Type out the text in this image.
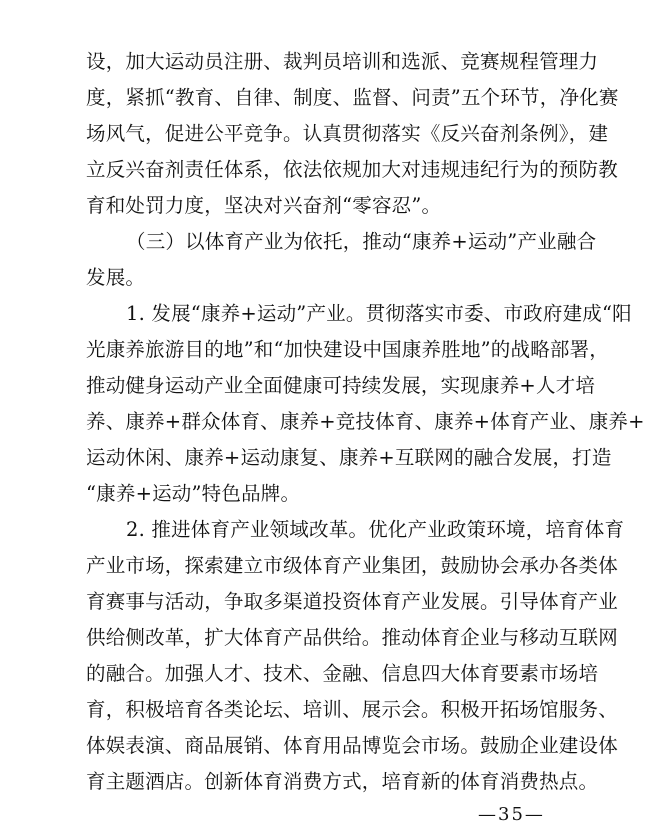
设，加大运动员注册、裁判员培训和选派、竞赛规程管理力
度，紧抓“教育、自律、制度、监督、问责”五个环节，净化赛
场风气，促进公平竞争。认真贯彻落实《反兴奋剂条例》，建
立反兴奋剂责任体系，依法依规加大对违规违纪行为的预防教
育和处罚力度，坚决对兴奋剂“零容忍”。
（三）以体育产业为依托，推动“康养+运动”产业融合
发展。
1. 发展“康养+运动”产业。贯彻落实市委、市政府建成“阳
光康养旅游目的地”和“加快建设中国康养胜地”的战略部署，
推动健身运动产业全面健康可持续发展，实现康养+人才培
养、康养+群众体育、康养+竞技体育、康养+体育产业、康养+
运动休闲、康养+运动康复、康养+互联网的融合发展，打造
“康养+运动”特色品牌。
2. 推进体育产业领域改革。优化产业政策环境，培育体育
产业市场，探索建立市级体育产业集团，鼓励协会承办各类体
育赛事与活动，争取多渠道投资体育产业发展。引导体育产业
供给侧改革，扩大体育产品供给。推动体育企业与移动互联网
的融合。加强人才、技术、金融、信息四大体育要素市场培
育，积极培育各类论坛、培训、展示会。积极开拓场馆服务、
体娱表演、商品展销、体育用品博览会市场。鼓励企业建设体
育主题酒店。创新体育消费方式，培育新的体育消费热点。
—35—
